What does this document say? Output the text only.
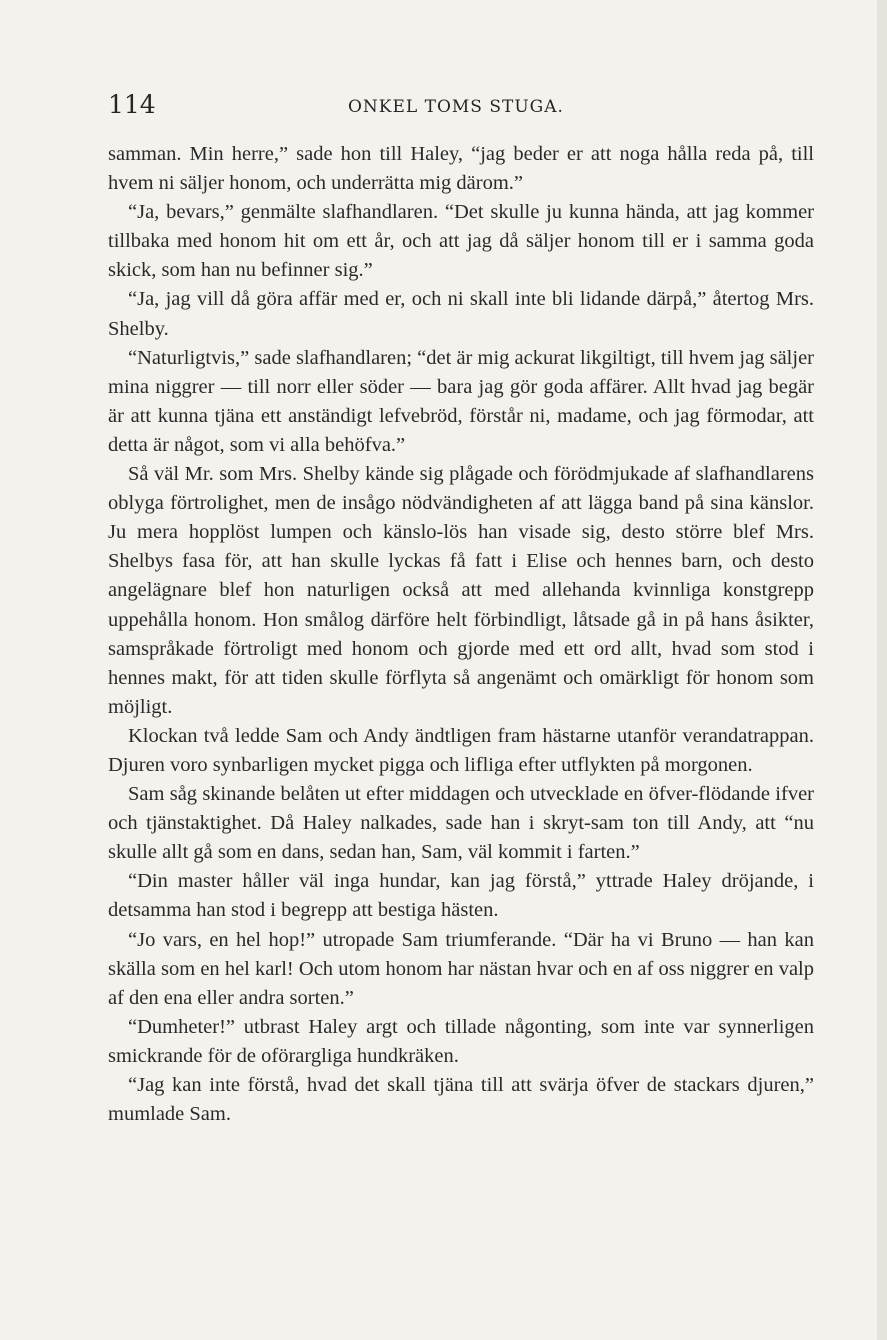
114	ONKEL TOMS STUGA.

samman. Min herre,” sade hon till Haley, “jag beder er att noga hålla reda på, till hvem ni säljer honom, och underrätta mig därom.”

“Ja, bevars,” genmälte slafhandlaren. “Det skulle ju kunna hända, att jag kommer tillbaka med honom hit om ett år, och att jag då säljer honom till er i samma goda skick, som han nu befinner sig.”

“Ja, jag vill då göra affär med er, och ni skall inte bli lidande därpå,” återtog Mrs. Shelby.

“Naturligtvis,” sade slafhandlaren; “det är mig ackurat likgiltigt, till hvem jag säljer mina niggrer — till norr eller söder — bara jag gör goda affärer. Allt hvad jag begär är att kunna tjäna ett anständigt lefvebröd, förstår ni, madame, och jag förmodar, att detta är något, som vi alla behöfva.”

Så väl Mr. som Mrs. Shelby kände sig plågade och förödmjukade af slafhandlarens oblyga förtrolighet, men de insågo nödvändigheten af att lägga band på sina känslor. Ju mera hopplöst lumpen och känslo-lös han visade sig, desto större blef Mrs. Shelbys fasa för, att han skulle lyckas få fatt i Elise och hennes barn, och desto angelägnare blef hon naturligen också att med allehanda kvinnliga konstgrepp uppehålla honom. Hon smålog därföre helt förbindligt, låtsade gå in på hans åsikter, samspråkade förtroligt med honom och gjorde med ett ord allt, hvad som stod i hennes makt, för att tiden skulle förflyta så angenämt och omärkligt för honom som möjligt.

Klockan två ledde Sam och Andy ändtligen fram hästarne utanför verandatrappan. Djuren voro synbarligen mycket pigga och lifliga efter utflykten på morgonen.

Sam såg skinande belåten ut efter middagen och utvecklade en öfver-flödande ifver och tjänstaktighet. Då Haley nalkades, sade han i skryt-sam ton till Andy, att “nu skulle allt gå som en dans, sedan han, Sam, väl kommit i farten.”

“Din master håller väl inga hundar, kan jag förstå,” yttrade Haley dröjande, i detsamma han stod i begrepp att bestiga hästen.

“Jo vars, en hel hop!” utropade Sam triumferande. “Där ha vi Bruno — han kan skälla som en hel karl! Och utom honom har nästan hvar och en af oss niggrer en valp af den ena eller andra sorten.”

“Dumheter!” utbrast Haley argt och tillade någonting, som inte var synnerligen smickrande för de oförargliga hundkräken.

“Jag kan inte förstå, hvad det skall tjäna till att svärja öfver de stackars djuren,” mumlade Sam.
